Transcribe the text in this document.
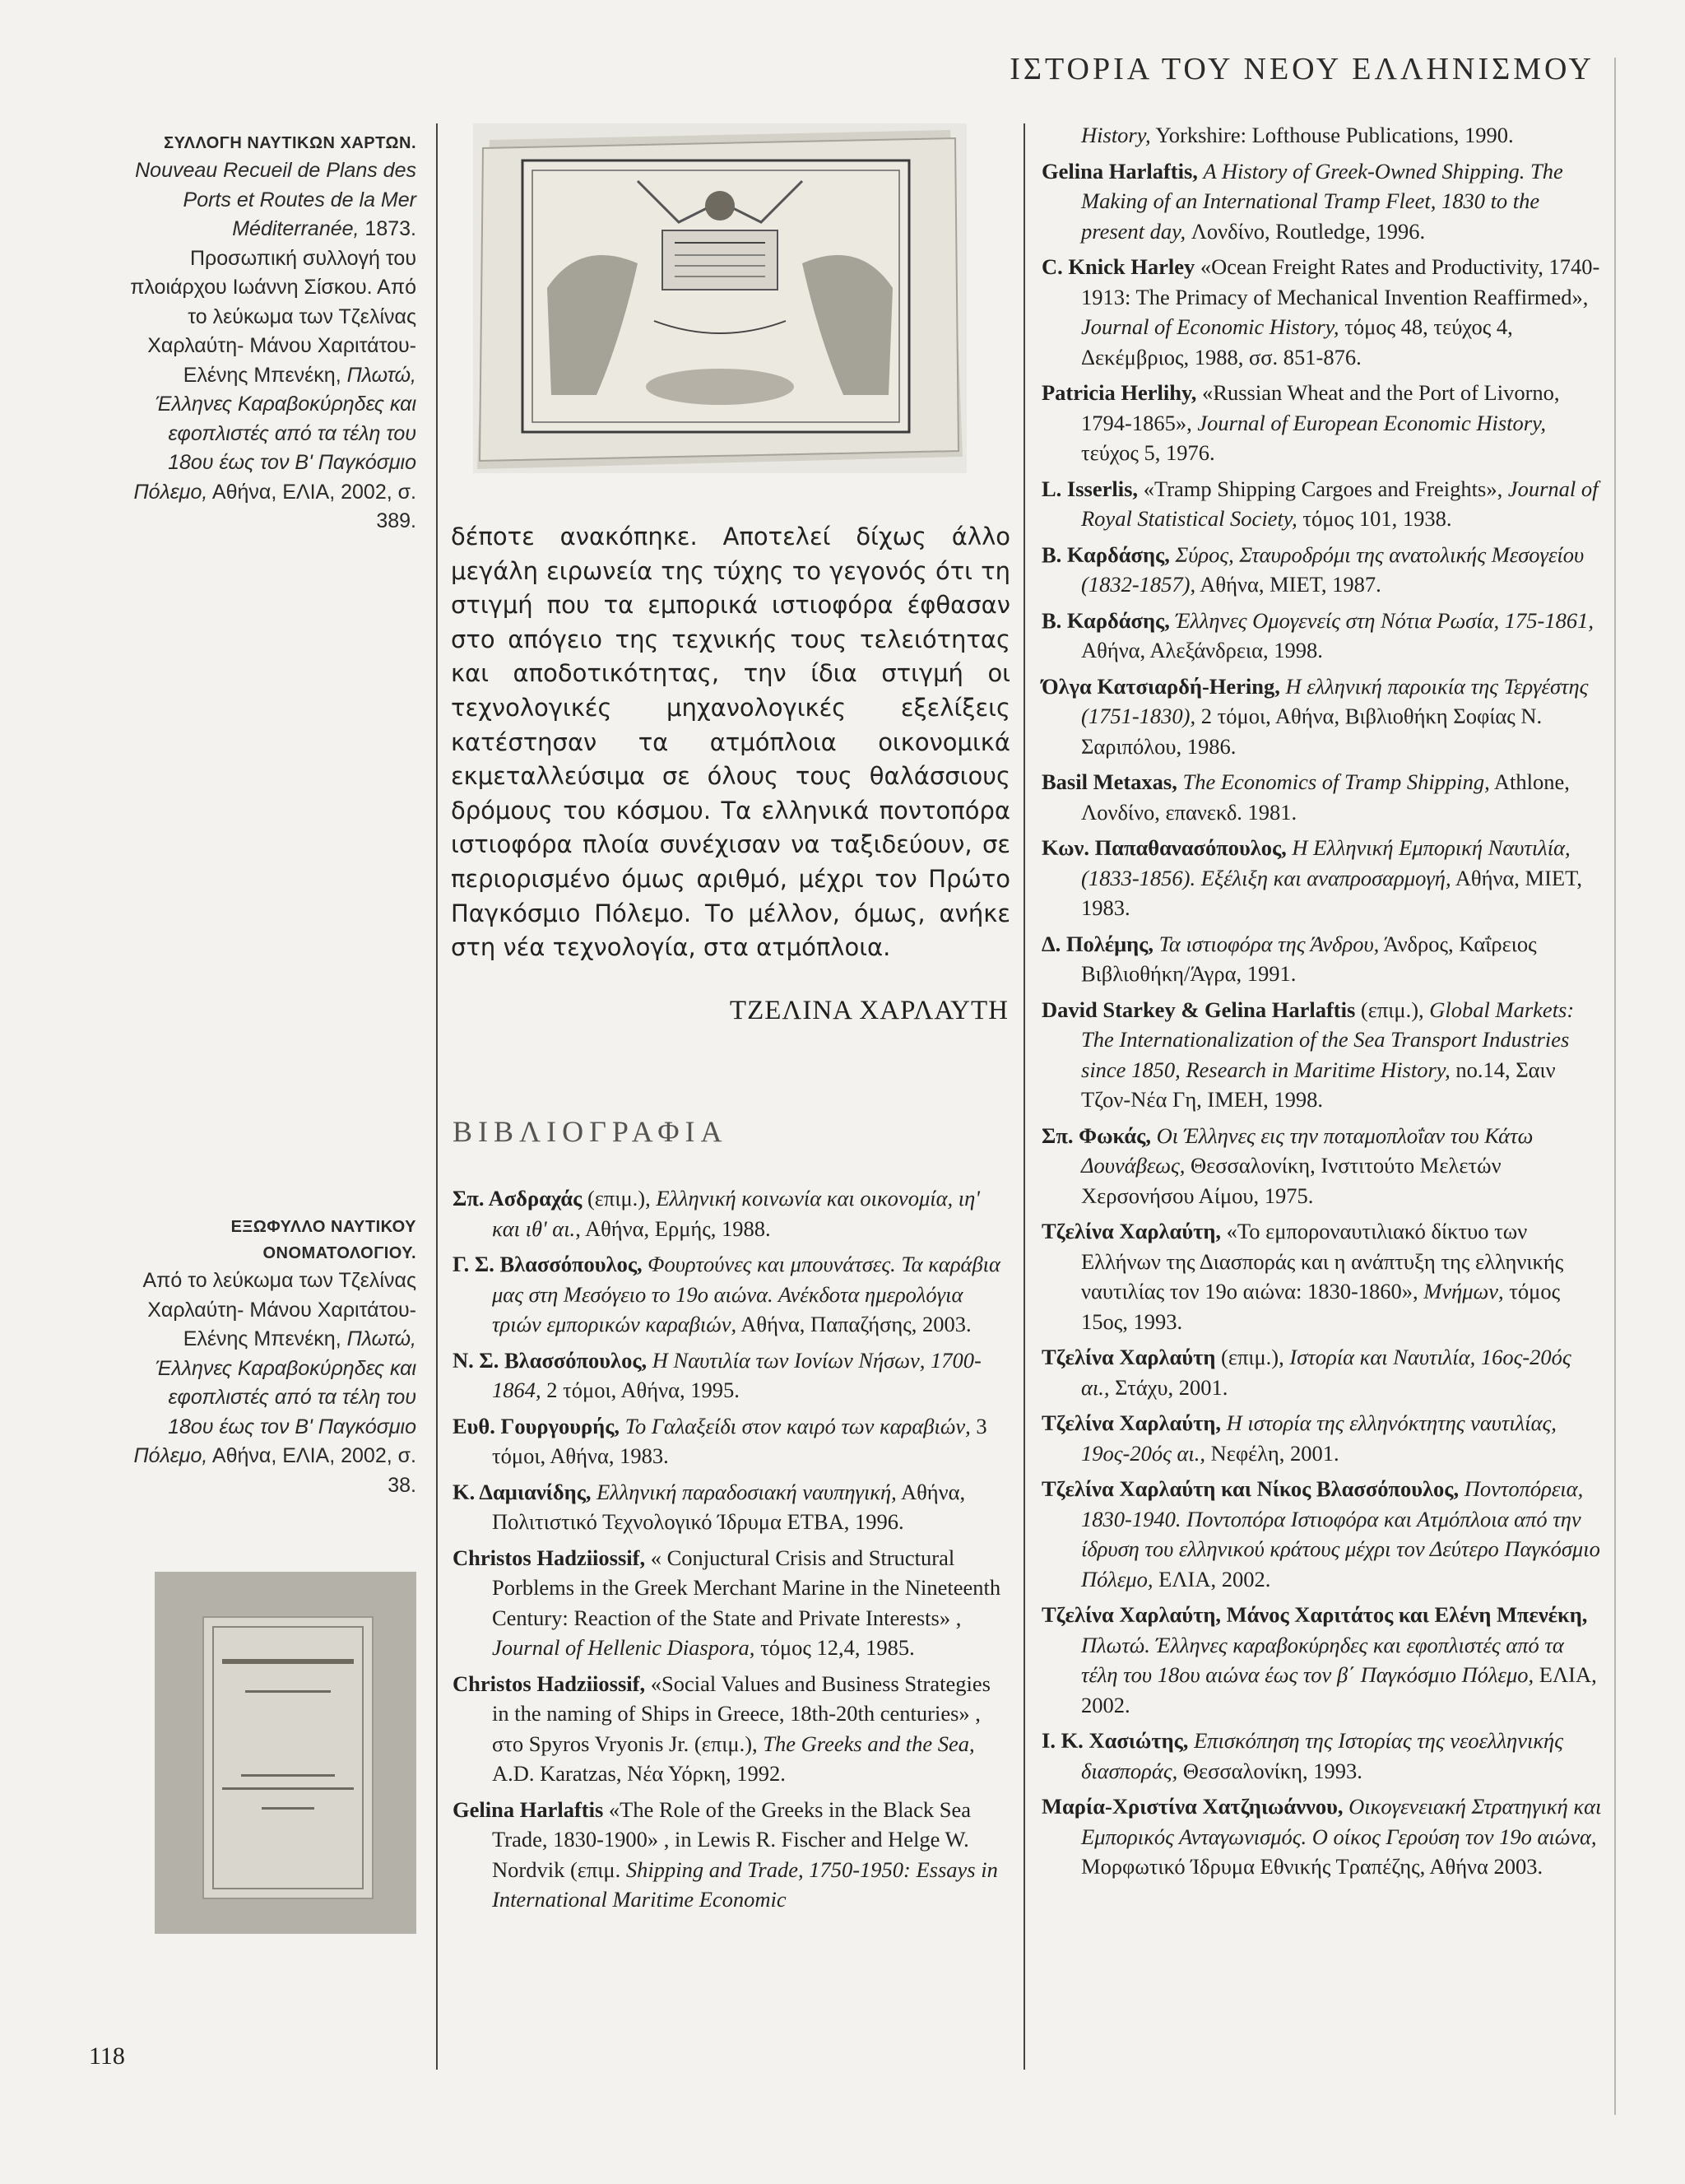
ΙΣΤΟΡΙΑ ΤΟΥ ΝΕΟΥ ΕΛΛΗΝΙΣΜΟΥ
118
ΣΥΛΛΟΓΗ ΝΑΥΤΙΚΩΝ ΧΑΡΤΩΝ.
Nouveau Recueil de Plans des Ports et Routes de la Mer Méditerranée, 1873. Προσωπική συλλογή του πλοιάρχου Ιωάννη Σίσκου. Από το λεύκωμα των Τζελίνας Χαρλαύτη- Μάνου Χαριτάτου- Ελένης Μπενέκη, Πλωτώ, Έλληνες Καραβοκύρηδες και εφοπλιστές από τα τέλη του 18ου έως τον Β' Παγκόσμιο Πόλεμο, Αθήνα, ΕΛΙΑ, 2002, σ. 389.
δέποτε ανακόπηκε. Αποτελεί δίχως άλλο μεγάλη ειρωνεία της τύχης το γεγονός ότι τη στιγμή που τα εμπορικά ιστιοφόρα έφθασαν στο απόγειο της τεχνικής τους τελειότητας και αποδοτικότητας, την ίδια στιγμή οι τεχνολογικές μηχανολογικές εξελίξεις κατέστησαν τα ατμόπλοια οικονομικά εκμεταλλεύσιμα σε όλους τους θαλάσσιους δρόμους του κόσμου. Τα ελληνικά ποντοπόρα ιστιοφόρα πλοία συνέχισαν να ταξιδεύουν, σε περιορισμένο όμως αριθμό, μέχρι τον Πρώτο Παγκόσμιο Πόλεμο. Το μέλλον, όμως, ανήκε στη νέα τεχνολογία, στα ατμόπλοια.
ΤΖΕΛΙΝΑ ΧΑΡΛΑΥΤΗ
ΒΙΒΛΙΟΓΡΑΦΙΑ

Σπ. Ασδραχάς (επιμ.), Ελληνική κοινωνία και οικονομία, ιη' και ιθ' αι., Αθήνα, Ερμής, 1988.

Γ. Σ. Βλασσόπουλος, Φουρτούνες και μπουνάτσες. Τα καράβια μας στη Μεσόγειο το 19ο αιώνα. Ανέκδοτα ημερολόγια τριών εμπορικών καραβιών, Αθήνα, Παπαζήσης, 2003.

Ν. Σ. Βλασσόπουλος, Η Ναυτιλία των Ιονίων Νήσων, 1700-1864, 2 τόμοι, Αθήνα, 1995.

Ευθ. Γουργουρής, Το Γαλαξείδι στον καιρό των καραβιών, 3 τόμοι, Αθήνα, 1983.

Κ. Δαμιανίδης, Ελληνική παραδοσιακή ναυπηγική, Αθήνα, Πολιτιστικό Τεχνολογικό Ίδρυμα ΕΤΒΑ, 1996.

Christos Hadziiossif, « Conjuctural Crisis and Structural Porblems in the Greek Merchant Marine in the Nineteenth Century: Reaction of the State and Private Interests» , Journal of Hellenic Diaspora, τόμος 12,4, 1985.

Christos Hadziiossif, «Social Values and Business Strategies in the naming of Ships in Greece, 18th-20th centuries» , στο Spyros Vryonis Jr. (επιμ.), The Greeks and the Sea, A.D. Karatzas, Νέα Υόρκη, 1992.

Gelina Harlaftis «The Role of the Greeks in the Black Sea Trade, 1830-1900» , in Lewis R. Fischer and Helge W. Nordvik (επιμ. Shipping and Trade, 1750-1950: Essays in International Maritime Economic

ΕΞΩΦΥΛΛΟ ΝΑΥΤΙΚΟΥ ΟΝΟΜΑΤΟΛΟΓΙΟΥ.
Από το λεύκωμα των Τζελίνας Χαρλαύτη- Μάνου Χαριτάτου- Ελένης Μπενέκη, Πλωτώ, Έλληνες Καραβοκύρηδες και εφοπλιστές από τα τέλη του 18ου έως τον Β' Παγκόσμιο Πόλεμο, Αθήνα, ΕΛΙΑ, 2002, σ. 38.

History, Yorkshire: Lofthouse Publications, 1990.

Gelina Harlaftis, A History of Greek-Owned Shipping. The Making of an International Tramp Fleet, 1830 to the present day, Λονδίνο, Routledge, 1996.

C. Knick Harley «Ocean Freight Rates and Productivity, 1740-1913: The Primacy of Mechanical Invention Reaffirmed», Journal of Economic History, τόμος 48, τεύχος 4, Δεκέμβριος, 1988, σσ. 851-876.

Patricia Herlihy, «Russian Wheat and the Port of Livorno, 1794-1865», Journal of European Economic History, τεύχος 5, 1976.

L. Isserlis, «Tramp Shipping Cargoes and Freights», Journal of Royal Statistical Society, τόμος 101, 1938.

Β. Καρδάσης, Σύρος, Σταυροδρόμι της ανατολικής Μεσογείου (1832-1857), Αθήνα, ΜΙΕΤ, 1987.

Β. Καρδάσης, Έλληνες Ομογενείς στη Νότια Ρωσία, 175-1861, Αθήνα, Αλεξάνδρεια, 1998.

Όλγα Κατσιαρδή-Hering, Η ελληνική παροικία της Τεργέστης (1751-1830), 2 τόμοι, Αθήνα, Βιβλιοθήκη Σοφίας Ν. Σαριπόλου, 1986.

Basil Metaxas, The Economics of Tramp Shipping, Athlone, Λονδίνο, επανεκδ. 1981.

Κων. Παπαθανασόπουλος, Η Ελληνική Εμπορική Ναυτιλία, (1833-1856). Εξέλιξη και αναπροσαρμογή, Αθήνα, ΜΙΕΤ, 1983.

Δ. Πολέμης, Τα ιστιοφόρα της Άνδρου, Άνδρος, Καΐρειος Βιβλιοθήκη/Άγρα, 1991.

David Starkey & Gelina Harlaftis (επιμ.), Global Markets: The Internationalization of the Sea Transport Industries since 1850, Research in Maritime History, no.14, Σαιν Τζον-Νέα Γη, ΙΜΕΗ, 1998.

Σπ. Φωκάς, Οι Έλληνες εις την ποταμοπλοΐαν του Κάτω Δουνάβεως, Θεσσαλονίκη, Ινστιτούτο Μελετών Χερσονήσου Αίμου, 1975.

Τζελίνα Χαρλαύτη, «Το εμποροναυτιλιακό δίκτυο των Ελλήνων της Διασποράς και η ανάπτυξη της ελληνικής ναυτιλίας τον 19ο αιώνα: 1830-1860», Μνήμων, τόμος 15ος, 1993.

Τζελίνα Χαρλαύτη (επιμ.), Ιστορία και Ναυτιλία, 16ος-20ός αι., Στάχυ, 2001.

Τζελίνα Χαρλαύτη, Η ιστορία της ελληνόκτητης ναυτιλίας, 19ος-20ός αι., Νεφέλη, 2001.

Τζελίνα Χαρλαύτη και Νίκος Βλασσόπουλος, Ποντοπόρεια, 1830-1940. Ποντοπόρα Ιστιοφόρα και Ατμόπλοια από την ίδρυση του ελληνικού κράτους μέχρι τον Δεύτερο Παγκόσμιο Πόλεμο, ΕΛΙΑ, 2002.

Τζελίνα Χαρλαύτη, Μάνος Χαριτάτος και Ελένη Μπενέκη, Πλωτώ. Έλληνες καραβοκύρηδες και εφοπλιστές από τα τέλη του 18ου αιώνα έως τον β΄ Παγκόσμιο Πόλεμο, ΕΛΙΑ, 2002.

Ι. Κ. Χασιώτης, Επισκόπηση της Ιστορίας της νεοελληνικής διασποράς, Θεσσαλονίκη, 1993.

Μαρία-Χριστίνα Χατζηιωάννου, Οικογενειακή Στρατηγική και Εμπορικός Ανταγωνισμός. Ο οίκος Γερούση τον 19ο αιώνα, Μορφωτικό Ίδρυμα Εθνικής Τραπέζης, Αθήνα 2003.
